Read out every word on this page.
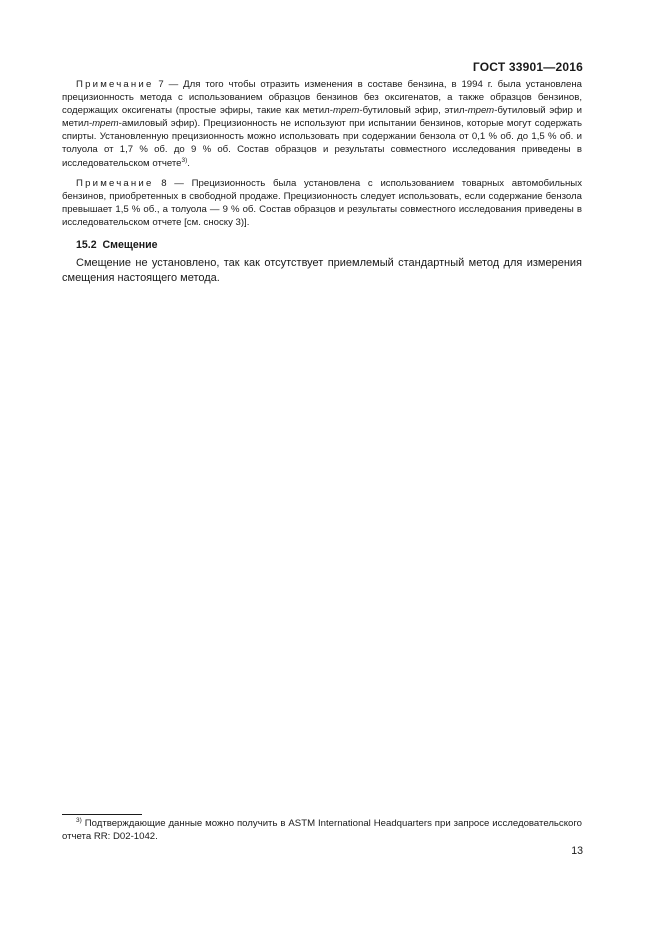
ГОСТ 33901—2016

Примечание 7 — Для того чтобы отразить изменения в составе бензина, в 1994 г. была установлена прецизионность метода с использованием образцов бензинов без оксигенатов, а также образцов бензинов, содержащих оксигенаты (простые эфиры, такие как метил-трет-бутиловый эфир, этил-трет-бутиловый эфир и метил-трет-амиловый эфир). Прецизионность не используют при испытании бензинов, которые могут содержать спирты. Установленную прецизионность можно использовать при содержании бензола от 0,1 % об. до 1,5 % об. и толуола от 1,7 % об. до 9 % об. Состав образцов и результаты совместного исследования приведены в исследовательском отчете$^{3)}$.

Примечание 8 — Прецизионность была установлена с использованием товарных автомобильных бензинов, приобретенных в свободной продаже. Прецизионность следует использовать, если содержание бензола превышает 1,5 % об., а толуола — 9 % об. Состав образцов и результаты совместного исследования приведены в исследовательском отчете [см. сноску 3)].

15.2 Смещение

Смещение не установлено, так как отсутствует приемлемый стандартный метод для измерения смещения настоящего метода.

$^{3)}$ Подтверждающие данные можно получить в ASTM International Headquarters при запросе исследовательского отчета RR: D02-1042.
13
